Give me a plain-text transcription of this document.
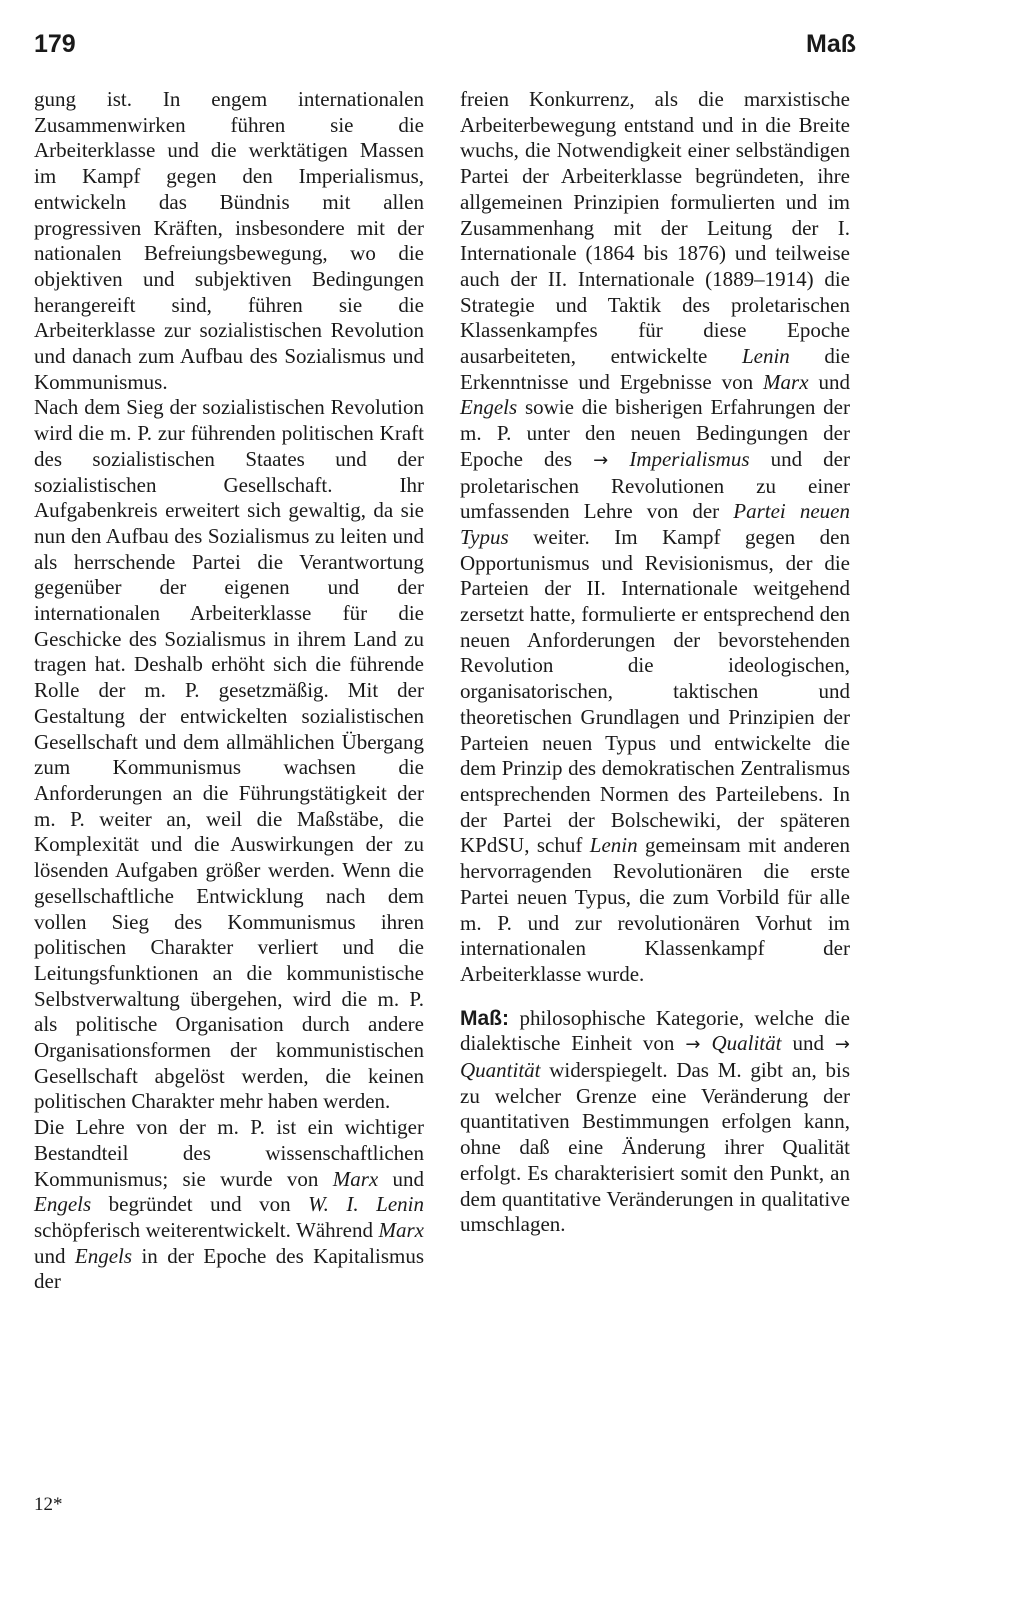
179	Maß

gung ist. In engem internationalen Zusammenwirken führen sie die Arbeiterklasse und die werktätigen Massen im Kampf gegen den Imperialismus, entwickeln das Bündnis mit allen progressiven Kräften, insbesondere mit der nationalen Befreiungsbewegung, wo die objektiven und subjektiven Bedingungen herangereift sind, führen sie die Arbeiterklasse zur sozialistischen Revolution und danach zum Aufbau des Sozialismus und Kommunismus.

Nach dem Sieg der sozialistischen Revolution wird die m. P. zur führenden politischen Kraft des sozialistischen Staates und der sozialistischen Gesellschaft. Ihr Aufgabenkreis erweitert sich gewaltig, da sie nun den Aufbau des Sozialismus zu leiten und als herrschende Partei die Verantwortung gegenüber der eigenen und der internationalen Arbeiterklasse für die Geschicke des Sozialismus in ihrem Land zu tragen hat. Deshalb erhöht sich die führende Rolle der m. P. gesetzmäßig. Mit der Gestaltung der entwickelten sozialistischen Gesellschaft und dem allmählichen Übergang zum Kommunismus wachsen die Anforderungen an die Führungstätigkeit der m. P. weiter an, weil die Maßstäbe, die Komplexität und die Auswirkungen der zu lösenden Aufgaben größer werden. Wenn die gesellschaftliche Entwicklung nach dem vollen Sieg des Kommunismus ihren politischen Charakter verliert und die Leitungsfunktionen an die kommunistische Selbstverwaltung übergehen, wird die m. P. als politische Organisation durch andere Organisationsformen der kommunistischen Gesellschaft abgelöst werden, die keinen politischen Charakter mehr haben werden.

Die Lehre von der m. P. ist ein wichtiger Bestandteil des wissenschaftlichen Kommunismus; sie wurde von Marx und Engels begründet und von W. I. Lenin schöpferisch weiterentwickelt. Während Marx und Engels in der Epoche des Kapitalismus der

freien Konkurrenz, als die marxistische Arbeiterbewegung entstand und in die Breite wuchs, die Notwendigkeit einer selbständigen Partei der Arbeiterklasse begründeten, ihre allgemeinen Prinzipien formulierten und im Zusammenhang mit der Leitung der I. Internationale (1864 bis 1876) und teilweise auch der II. Internationale (1889–1914) die Strategie und Taktik des proletarischen Klassenkampfes für diese Epoche ausarbeiteten, entwickelte Lenin die Erkenntnisse und Ergebnisse von Marx und Engels sowie die bisherigen Erfahrungen der m. P. unter den neuen Bedingungen der Epoche des → Imperialismus und der proletarischen Revolutionen zu einer umfassenden Lehre von der Partei neuen Typus weiter. Im Kampf gegen den Opportunismus und Revisionismus, der die Parteien der II. Internationale weitgehend zersetzt hatte, formulierte er entsprechend den neuen Anforderungen der bevorstehenden Revolution die ideologischen, organisatorischen, taktischen und theoretischen Grundlagen und Prinzipien der Parteien neuen Typus und entwickelte die dem Prinzip des demokratischen Zentralismus entsprechenden Normen des Parteilebens. In der Partei der Bolschewiki, der späteren KPdSU, schuf Lenin gemeinsam mit anderen hervorragenden Revolutionären die erste Partei neuen Typus, die zum Vorbild für alle m. P. und zur revolutionären Vorhut im internationalen Klassenkampf der Arbeiterklasse wurde.

Maß: philosophische Kategorie, welche die dialektische Einheit von → Qualität und → Quantität widerspiegelt. Das M. gibt an, bis zu welcher Grenze eine Veränderung der quantitativen Bestimmungen erfolgen kann, ohne daß eine Änderung ihrer Qualität erfolgt. Es charakterisiert somit den Punkt, an dem quantitative Veränderungen in qualitative umschlagen.

12*
